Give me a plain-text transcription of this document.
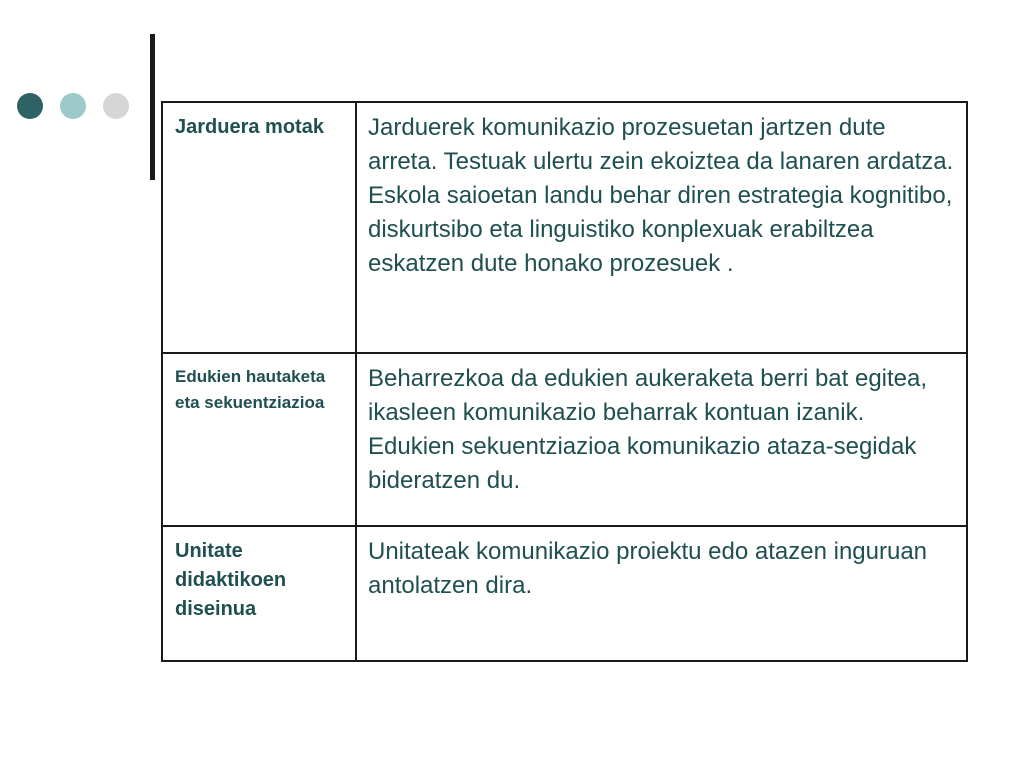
Jarduera motak	Jarduerek komunikazio prozesuetan jartzen dute arreta. Testuak ulertu zein ekoiztea da lanaren ardatza.

Eskola saioetan landu behar diren estrategia kognitibo, diskurtsibo eta linguistiko konplexuak erabiltzea eskatzen dute honako prozesuek .

Edukien hautaketa eta sekuentziazioa	Beharrezkoa da edukien aukeraketa berri bat egitea, ikasleen komunikazio beharrak kontuan izanik. Edukien sekuentziazioa komunikazio ataza-segidak bideratzen du.

Unitate didaktikoen diseinua	Unitateak komunikazio proiektu edo atazen inguruan antolatzen dira.
